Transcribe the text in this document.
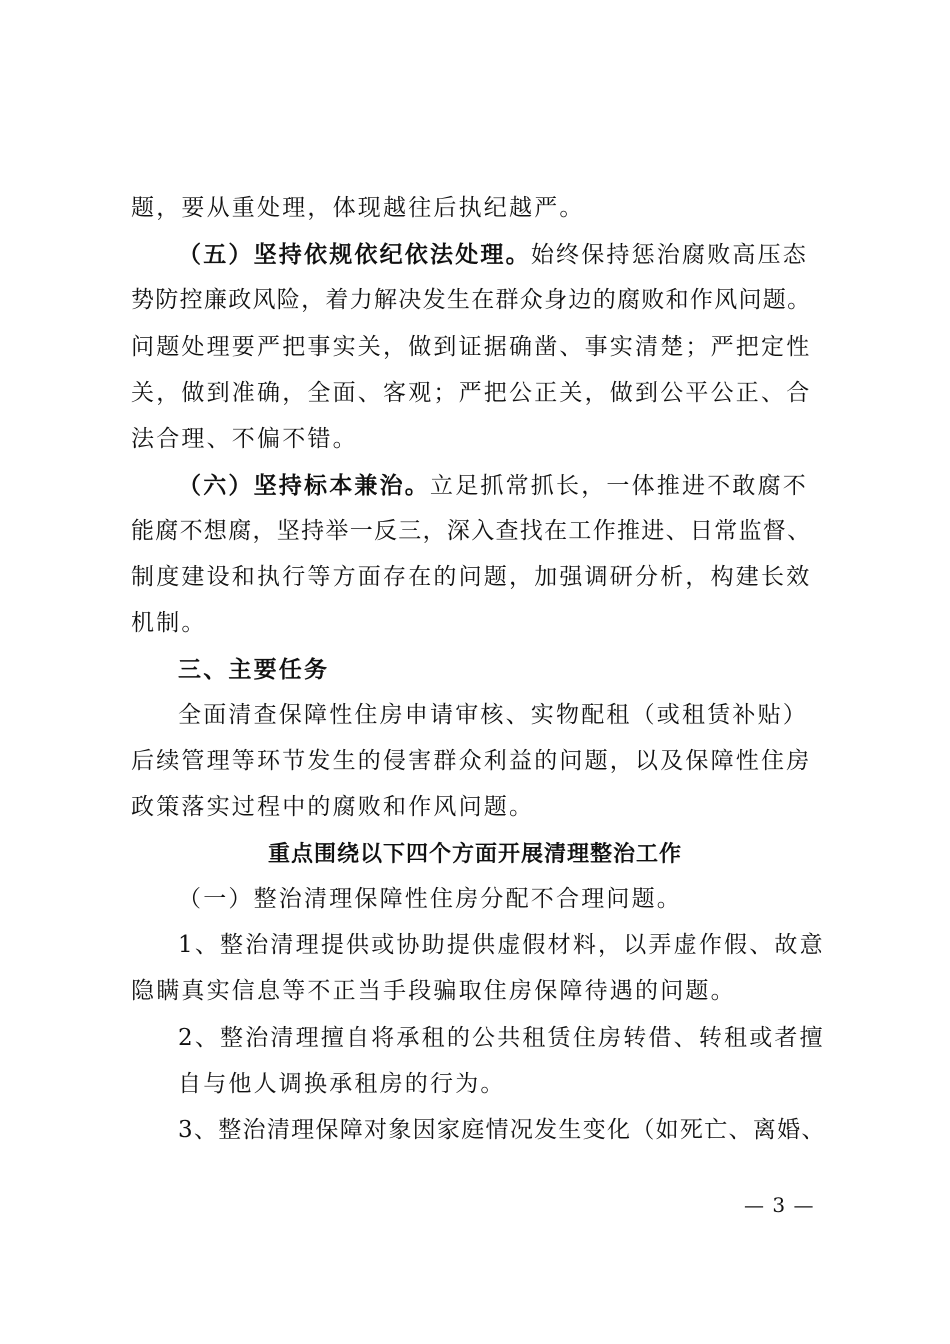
题，要从重处理，体现越往后执纪越严。
（五）坚持依规依纪依法处理。始终保持惩治腐败高压态
势防控廉政风险，着力解决发生在群众身边的腐败和作风问题。
问题处理要严把事实关，做到证据确凿、事实清楚；严把定性
关，做到准确，全面、客观；严把公正关，做到公平公正、合
法合理、不偏不错。
（六）坚持标本兼治。立足抓常抓长，一体推进不敢腐不
能腐不想腐，坚持举一反三，深入查找在工作推进、日常监督、
制度建设和执行等方面存在的问题，加强调研分析，构建长效
机制。
三、主要任务
全面清查保障性住房申请审核、实物配租（或租赁补贴）
后续管理等环节发生的侵害群众利益的问题，以及保障性住房
政策落实过程中的腐败和作风问题。
重点围绕以下四个方面开展清理整治工作
（一）整治清理保障性住房分配不合理问题。
1、整治清理提供或协助提供虚假材料，以弄虚作假、故意
隐瞒真实信息等不正当手段骗取住房保障待遇的问题。
2、整治清理擅自将承租的公共租赁住房转借、转租或者擅
自与他人调换承租房的行为。
3、整治清理保障对象因家庭情况发生变化（如死亡、离婚、
— 3 —
